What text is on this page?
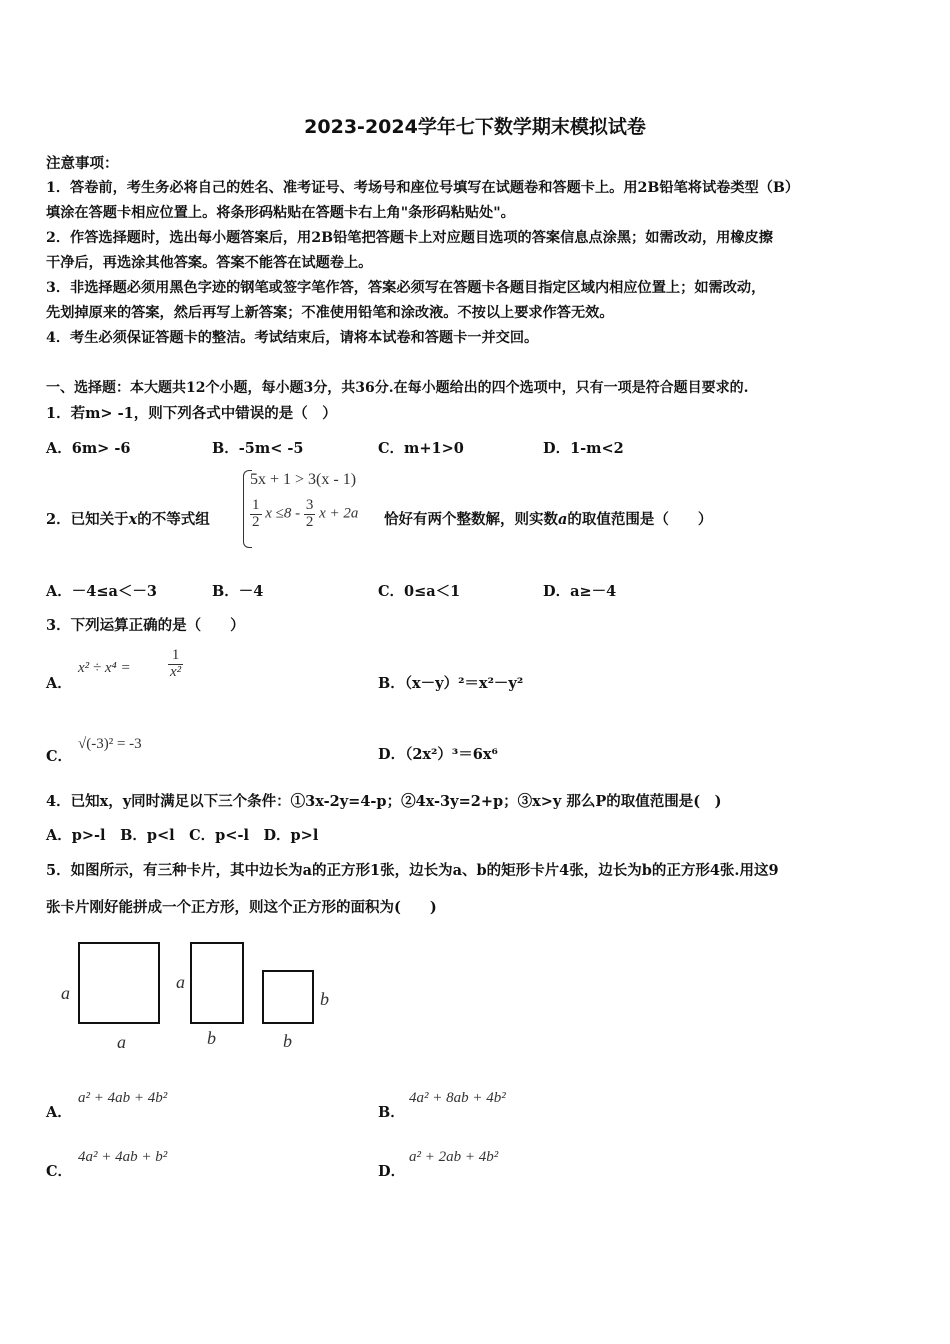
2023-2024学年七下数学期末模拟试卷
注意事项：
1．答卷前，考生务必将自己的姓名、准考证号、考场号和座位号填写在试题卷和答题卡上。用2B铅笔将试卷类型（B）
填涂在答题卡相应位置上。将条形码粘贴在答题卡右上角"条形码粘贴处"。
2．作答选择题时，选出每小题答案后，用2B铅笔把答题卡上对应题目选项的答案信息点涂黑；如需改动，用橡皮擦
干净后，再选涂其他答案。答案不能答在试题卷上。
3．非选择题必须用黑色字迹的钢笔或签字笔作答，答案必须写在答题卡各题目指定区域内相应位置上；如需改动，
先划掉原来的答案，然后再写上新答案；不准使用铅笔和涂改液。不按以上要求作答无效。
4．考生必须保证答题卡的整洁。考试结束后，请将本试卷和答题卡一并交回。
一、选择题：本大题共12个小题，每小题3分，共36分.在每小题给出的四个选项中，只有一项是符合题目要求的.
1．若m> -1，则下列各式中错误的是（　）
A．6m> -6	B．-5m< -5	C．m+1>0	D．1-m<2
2．已知关于x的不等式组
5x + 1 > 3(x - 1)
$\frac{1}{2}$ $x \le 8 - \frac{3}{2}$ x + 2a 恰好有两个整数解，则实数a的取值范围是（　　）
A．－4≤a＜－3	B．－4	C．0≤a＜1	D．a≥－4
3．下列运算正确的是（　　）
A．
$x^2 \div x^4 = \frac{1}{\text{x²}}$
B．（x－y）²＝x²－y²
C．
√(-3)² = -3
D．（2x²）³＝6x⁶
4．已知x，y同时满足以下三个条件：①3x-2y=4-p；②4x-3y=2+p；③x>y 那么P的取值范围是(　)
A．p>-l　B．p<l　C．p<-l　D．p>l
5．如图所示，有三种卡片，其中边长为a的正方形1张，边长为a、b的矩形卡片4张，边长为b的正方形4张.用这9
张卡片刚好能拼成一个正方形，则这个正方形的面积为(　　)
a
a
a
b
b
b
A．
a² + 4ab + 4b²
B．
4a² + 8ab + 4b²
C．
4a² + 4ab + b²
D．
a² + 2ab + 4b²
